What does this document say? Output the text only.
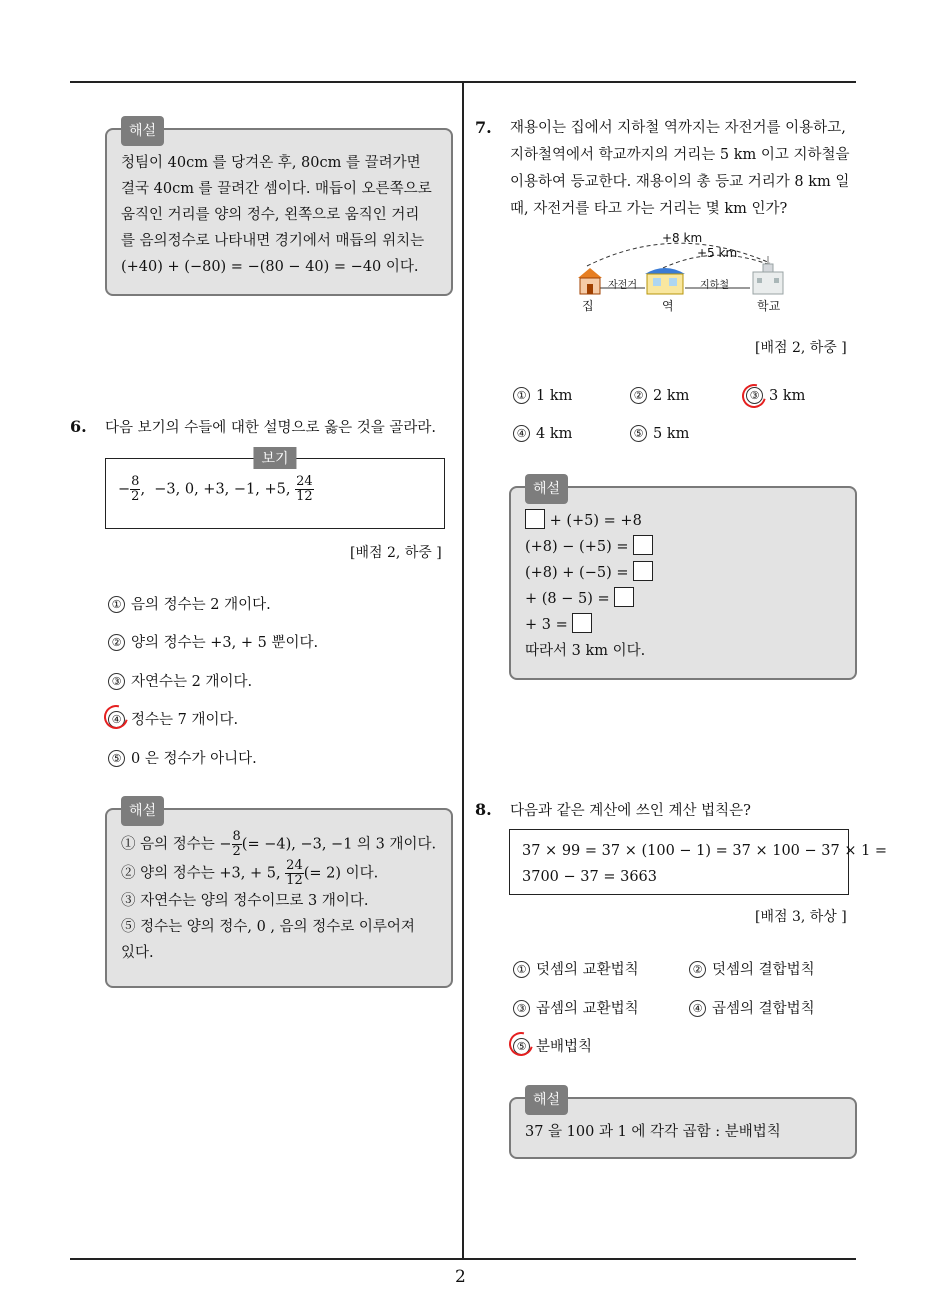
2
해설
청팀이 40cm 를 당겨온 후, 80cm 를 끌려가면
결국 40cm 를 끌려간 셈이다. 매듭이 오른쪽으로
움직인 거리를 양의 정수, 왼쪽으로 움직인 거리
를 음의정수로 나타내면 경기에서 매듭의 위치는
(+40) + (−80) = −(80 − 40) = −40 이다.
6. 다음 보기의 수들에 대한 설명으로 옳은 것을 골라라.
보기
− $\frac{8}{2}$ ,  −3, 0, +3, −1, +5, $\frac{24}{12}$
[배점 2, 하중 ]
① 음의 정수는 2 개이다.
② 양의 정수는 +3, + 5 뿐이다.
③ 자연수는 2 개이다.
④ 정수는 7 개이다.
⑤ 0 은 정수가 아니다.
해설
① 음의 정수는 − $\frac{8}{2}$ (= −4), −3, −1 의 3 개이다.
② 양의 정수는 +3, + 5, $\frac{24}{12}$ (= 2) 이다.
③ 자연수는 양의 정수이므로 3 개이다.
⑤ 정수는 양의 정수, 0 , 음의 정수로 이루어져
있다.
7. 재용이는 집에서 지하철 역까지는 자전거를 이용하고,
지하철역에서 학교까지의 거리는 5 km 이고 지하철을
이용하여 등교한다. 재용이의 총 등교 거리가 8 km 일
때, 자전거를 타고 가는 거리는 몇 km 인가?
+8 km
+5 km
자전거	지하철
집	역	학교
[배점 2, 하중 ]
① 1 km	② 2 km	③ 3 km
④ 4 km	⑤ 5 km
해설
+ (+5) = +8
(+8) − (+5) =
(+8) + (−5) =
+ (8 − 5) =
+ 3 =
따라서 3 km 이다.
8. 다음과 같은 계산에 쓰인 계산 법칙은?
37 × 99 = 37 × (100 − 1) = 37 × 100 − 37 × 1 =
3700 − 37 = 3663
[배점 3, 하상 ]
① 덧셈의 교환법칙	② 덧셈의 결합법칙
③ 곱셈의 교환법칙	④ 곱셈의 결합법칙
⑤ 분배법칙
해설
37 을 100 과 1 에 각각 곱함 : 분배법칙
